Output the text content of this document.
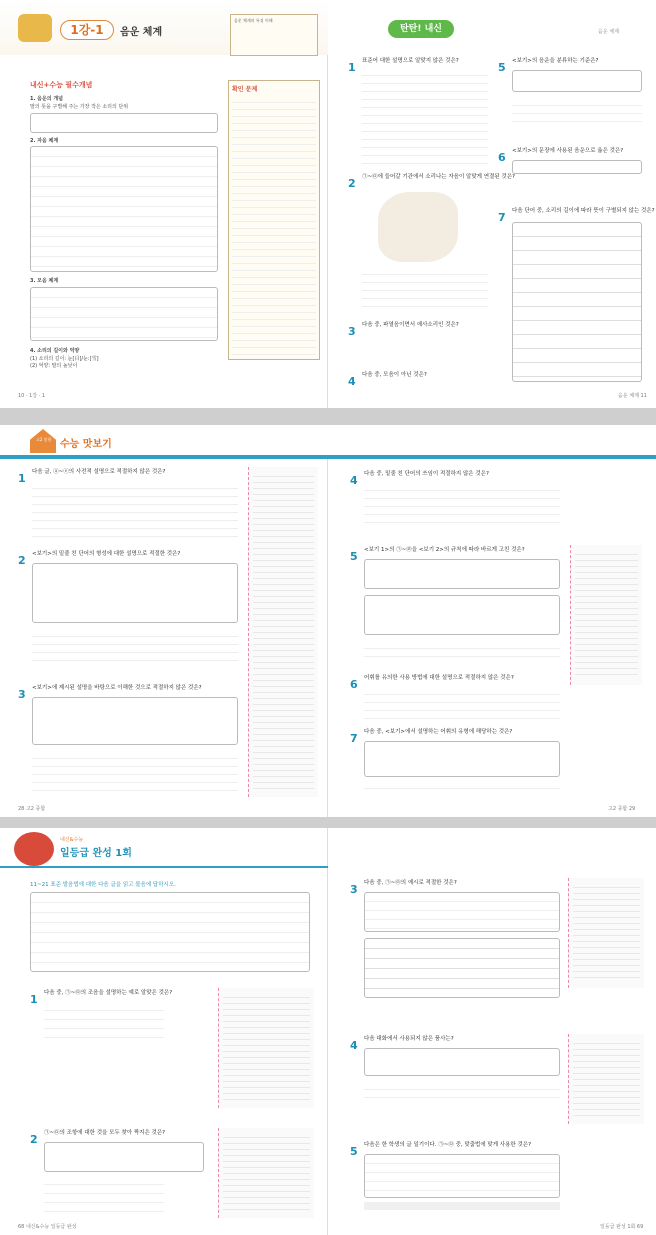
1강-1	음운 체계
음운 체계의 특징 이해
내신+수능 필수개념
1. 음운의 개념
말의 뜻을 구별해 주는 가장 작은 소리의 단위
2. 자음 체계
3. 모음 체계
4. 소리의 길이와 억양
(1) 소리의 길이: 눈[目]/눈:[雪]
(2) 억양: 말의 높낮이
확인 문제
10 · 1강 · 1
탄탄! 내신	음운 체계
1 표준어 대한 설명으로 알맞지 않은 것은?
2 ㉠~㉤에 들어갈 기관에서 소리나는 자음이 알맞게 연결된 것은?
3 다음 중, 파열음이면서 예사소리인 것은?
4 다음 중, 모음이 아닌 것은?
5 <보기>의 음운을 분류하는 기준은?
6 <보기>의 문장에 사용된 음운으로 옳은 것은?
7 다음 단어 중, 소리의 길이에 따라 뜻이 구별되지 않는 것은?
음운 체계 11
고2 종합 수능 맛보기
1 다음 글, ⓐ~ⓔ의 사전적 설명으로 적절하지 않은 것은?
2 <보기>의 밑줄 친 단어의 형성에 대한 설명으로 적절한 것은?
3 <보기>에 제시된 설명을 바탕으로 이해한 것으로 적절하지 않은 것은?
28 고2 종합
4 다음 중, 밑줄 친 단어의 쓰임이 적절하지 않은 것은?
5 <보기 1>의 ㉠~㉣을 <보기 2>의 규칙에 따라 바르게 고친 것은?
6 어휘를 유의한 사용 방법에 대한 설명으로 적절하지 않은 것은?
7 다음 중, <보기>에서 설명하는 어휘의 유형에 해당하는 것은?
고2 종합 29
내신&수능
일등급 완성 1회
11~21 표준 발음법에 대한 다음 글을 읽고 물음에 답하시오.
1 다음 중, ㉠~㉤의 조음을 설명하는 예로 알맞은 것은?
2 ㉠~㉤의 조항에 대한 것을 모두 찾아 짝지은 것은?
68 내신&수능 일등급 완성
3 다음 중, ㉠~㉤의 예시로 적절한 것은?
4 다음 대화에서 사용되지 않은 품사는?
5 다음은 한 학생의 글 일기이다. ㉠~㉤ 중, 맞춤법에 맞게 사용한 것은?
일등급 완성 1회 69
